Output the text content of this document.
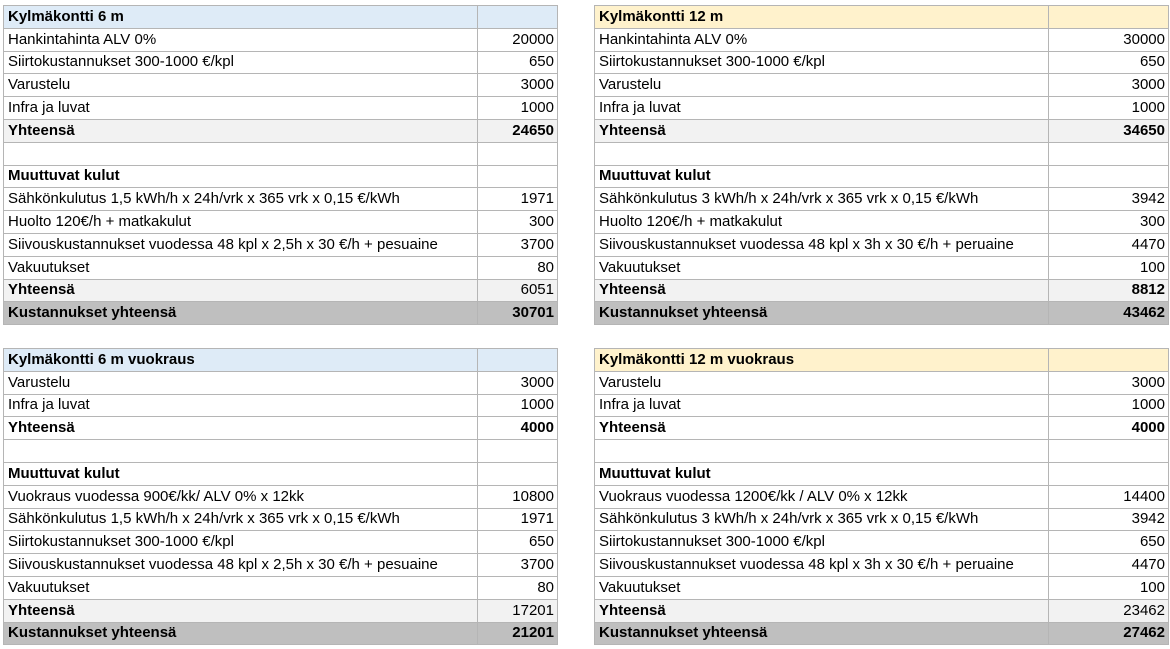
Kylmäkontti 6 m	
Hankintahinta ALV 0%	20000
Siirtokustannukset 300-1000 €/kpl	650
Varustelu	3000
Infra ja luvat	1000
Yhteensä	24650

Muuttuvat kulut	
Sähkönkulutus 1,5 kWh/h x 24h/vrk x 365 vrk x 0,15 €/kWh	1971
Huolto 120€/h + matkakulut	300
Siivouskustannukset vuodessa 48 kpl x 2,5h x 30 €/h + pesuaine	3700
Vakuutukset	80
Yhteensä	6051
Kustannukset yhteensä	30701
Kylmäkontti 12 m	
Hankintahinta ALV 0%	30000
Siirtokustannukset 300-1000 €/kpl	650
Varustelu	3000
Infra ja luvat	1000
Yhteensä	34650

Muuttuvat kulut	
Sähkönkulutus 3 kWh/h x 24h/vrk x 365 vrk x 0,15 €/kWh	3942
Huolto 120€/h + matkakulut	300
Siivouskustannukset vuodessa 48 kpl x 3h x 30 €/h + peruaine	4470
Vakuutukset	100
Yhteensä	8812
Kustannukset yhteensä	43462
Kylmäkontti 6 m vuokraus	
Varustelu	3000
Infra ja luvat	1000
Yhteensä	4000

Muuttuvat kulut	
Vuokraus vuodessa 900€/kk/ ALV 0% x 12kk	10800
Sähkönkulutus 1,5 kWh/h x 24h/vrk x 365 vrk x 0,15 €/kWh	1971
Siirtokustannukset 300-1000 €/kpl	650
Siivouskustannukset vuodessa 48 kpl x 2,5h x 30 €/h + pesuaine	3700
Vakuutukset	80
Yhteensä	17201
Kustannukset yhteensä	21201
Kylmäkontti 12 m vuokraus	
Varustelu	3000
Infra ja luvat	1000
Yhteensä	4000

Muuttuvat kulut	
Vuokraus vuodessa 1200€/kk / ALV 0% x 12kk	14400
Sähkönkulutus 3 kWh/h x 24h/vrk x 365 vrk x 0,15 €/kWh	3942
Siirtokustannukset 300-1000 €/kpl	650
Siivouskustannukset vuodessa 48 kpl x 3h x 30 €/h + peruaine	4470
Vakuutukset	100
Yhteensä	23462
Kustannukset yhteensä	27462
